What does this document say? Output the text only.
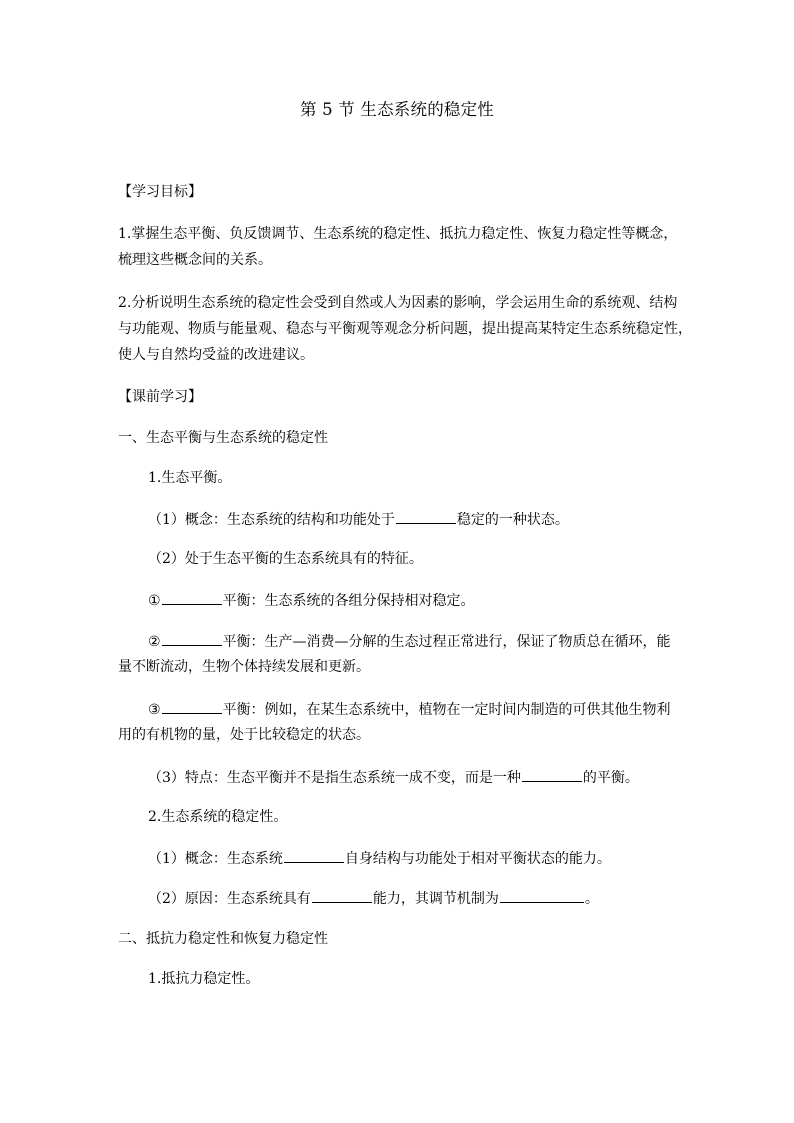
第 5 节 生态系统的稳定性
【学习目标】
1.掌握生态平衡、负反馈调节、生态系统的稳定性、抵抗力稳定性、恢复力稳定性等概念，
梳理这些概念间的关系。
2.分析说明生态系统的稳定性会受到自然或人为因素的影响，学会运用生命的系统观、结构
与功能观、物质与能量观、稳态与平衡观等观念分析问题，提出提高某特定生态系统稳定性，
使人与自然均受益的改进建议。
【课前学习】
一、生态平衡与生态系统的稳定性
1.生态平衡。
（1）概念：生态系统的结构和功能处于	稳定的一种状态。
（2）处于生态平衡的生态系统具有的特征。
①	平衡：生态系统的各组分保持相对稳定。
②	平衡：生产—消费—分解的生态过程正常进行，保证了物质总在循环，能
量不断流动，生物个体持续发展和更新。
③	平衡：例如，在某生态系统中，植物在一定时间内制造的可供其他生物利
用的有机物的量，处于比较稳定的状态。
（3）特点：生态平衡并不是指生态系统一成不变，而是一种	的平衡。
2.生态系统的稳定性。
（1）概念：生态系统	自身结构与功能处于相对平衡状态的能力。
（2）原因：生态系统具有	能力，其调节机制为	。
二、抵抗力稳定性和恢复力稳定性
1.抵抗力稳定性。
